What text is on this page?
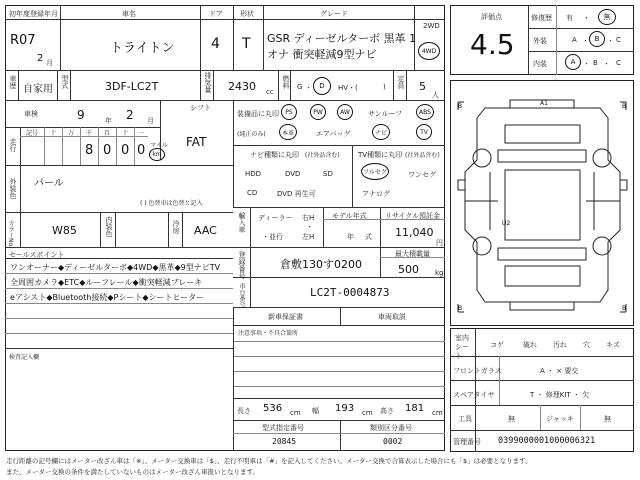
初年度登録年月
R07
2 月
車名
トライトン
ドア
4
形状
T
グレード
GSR ディーゼルターボ 黒革 1
オナ 衝突軽減9型ナビ
2WD
4WD
評価点
4.5
修復歴 有 ・ 無
外装	A ・ B ・ C
内装	A ・ B ・ C
車歴
自家用
型式	3DF-LC2T	排気量 2430 cc
燃料 G ・ D HV・(	) 定員 5
人
車検	9	年 2 月
シフト
FAT
走行
記号 十 万 千 百 十 一
8 0 0 0 マイル
km
装備品に丸印
(純正のみ)
PS	PW	AW	サンルーフ	ABS
本革	エアバッグ	ナビ	TV
ナビ種類に丸印 (社外品含む)
HDD	DVD	SD
CD	DVD 再生可
TV種類に丸印 (社外品含む)
フルセグ	ワンセグ
アナログ
外装色 パール
( ) 色替車は色替と記入
カラーNo.	W85	内装色	冷房 AAC	輸入車 ディーラー
・並行
右H
・
左H
モデル年式
年 式
リサイクル預託金
11,040
円
登録番号	倉敷130す0200
最大積載量
500 kg
車台番号	LC2T-0004873
セールスポイント
ワンオーナー◆ディーゼルターボ◆4WD◆黒革◆9型ナビTV
全周囲カメラ◆ETC◆ルーフレール◆衝突軽減ブレーキ
eアシスト◆Bluetooth接続◆Pシート◆シートヒーター
検査記入欄
新車保証書	車両取説
注意事項・不具合箇所
長さ 536 cm 幅 193 cm 高さ 181 cm
型式指定番号
20845
類別区分番号
0002
A1
U2
B	B
B	B
室内シート
コゲ	破れ 汚れ 穴 キズ
フロントガラス	A ・ × 要交
スペアタイヤ	T ・ 修理KIT ・ 欠
工具	無	ジャッキ	無
管理番号 0399000001000006321
走行距離の記号欄にはメーター改ざん車は「※」、メーター交換車は「$」、走行不明車は「#」を記入してください。メーター交換で合算表示した場合にも「$」は必要となります。
また、メーター交換の条件を満たしていないものはメーター改ざん車扱いとなります。
